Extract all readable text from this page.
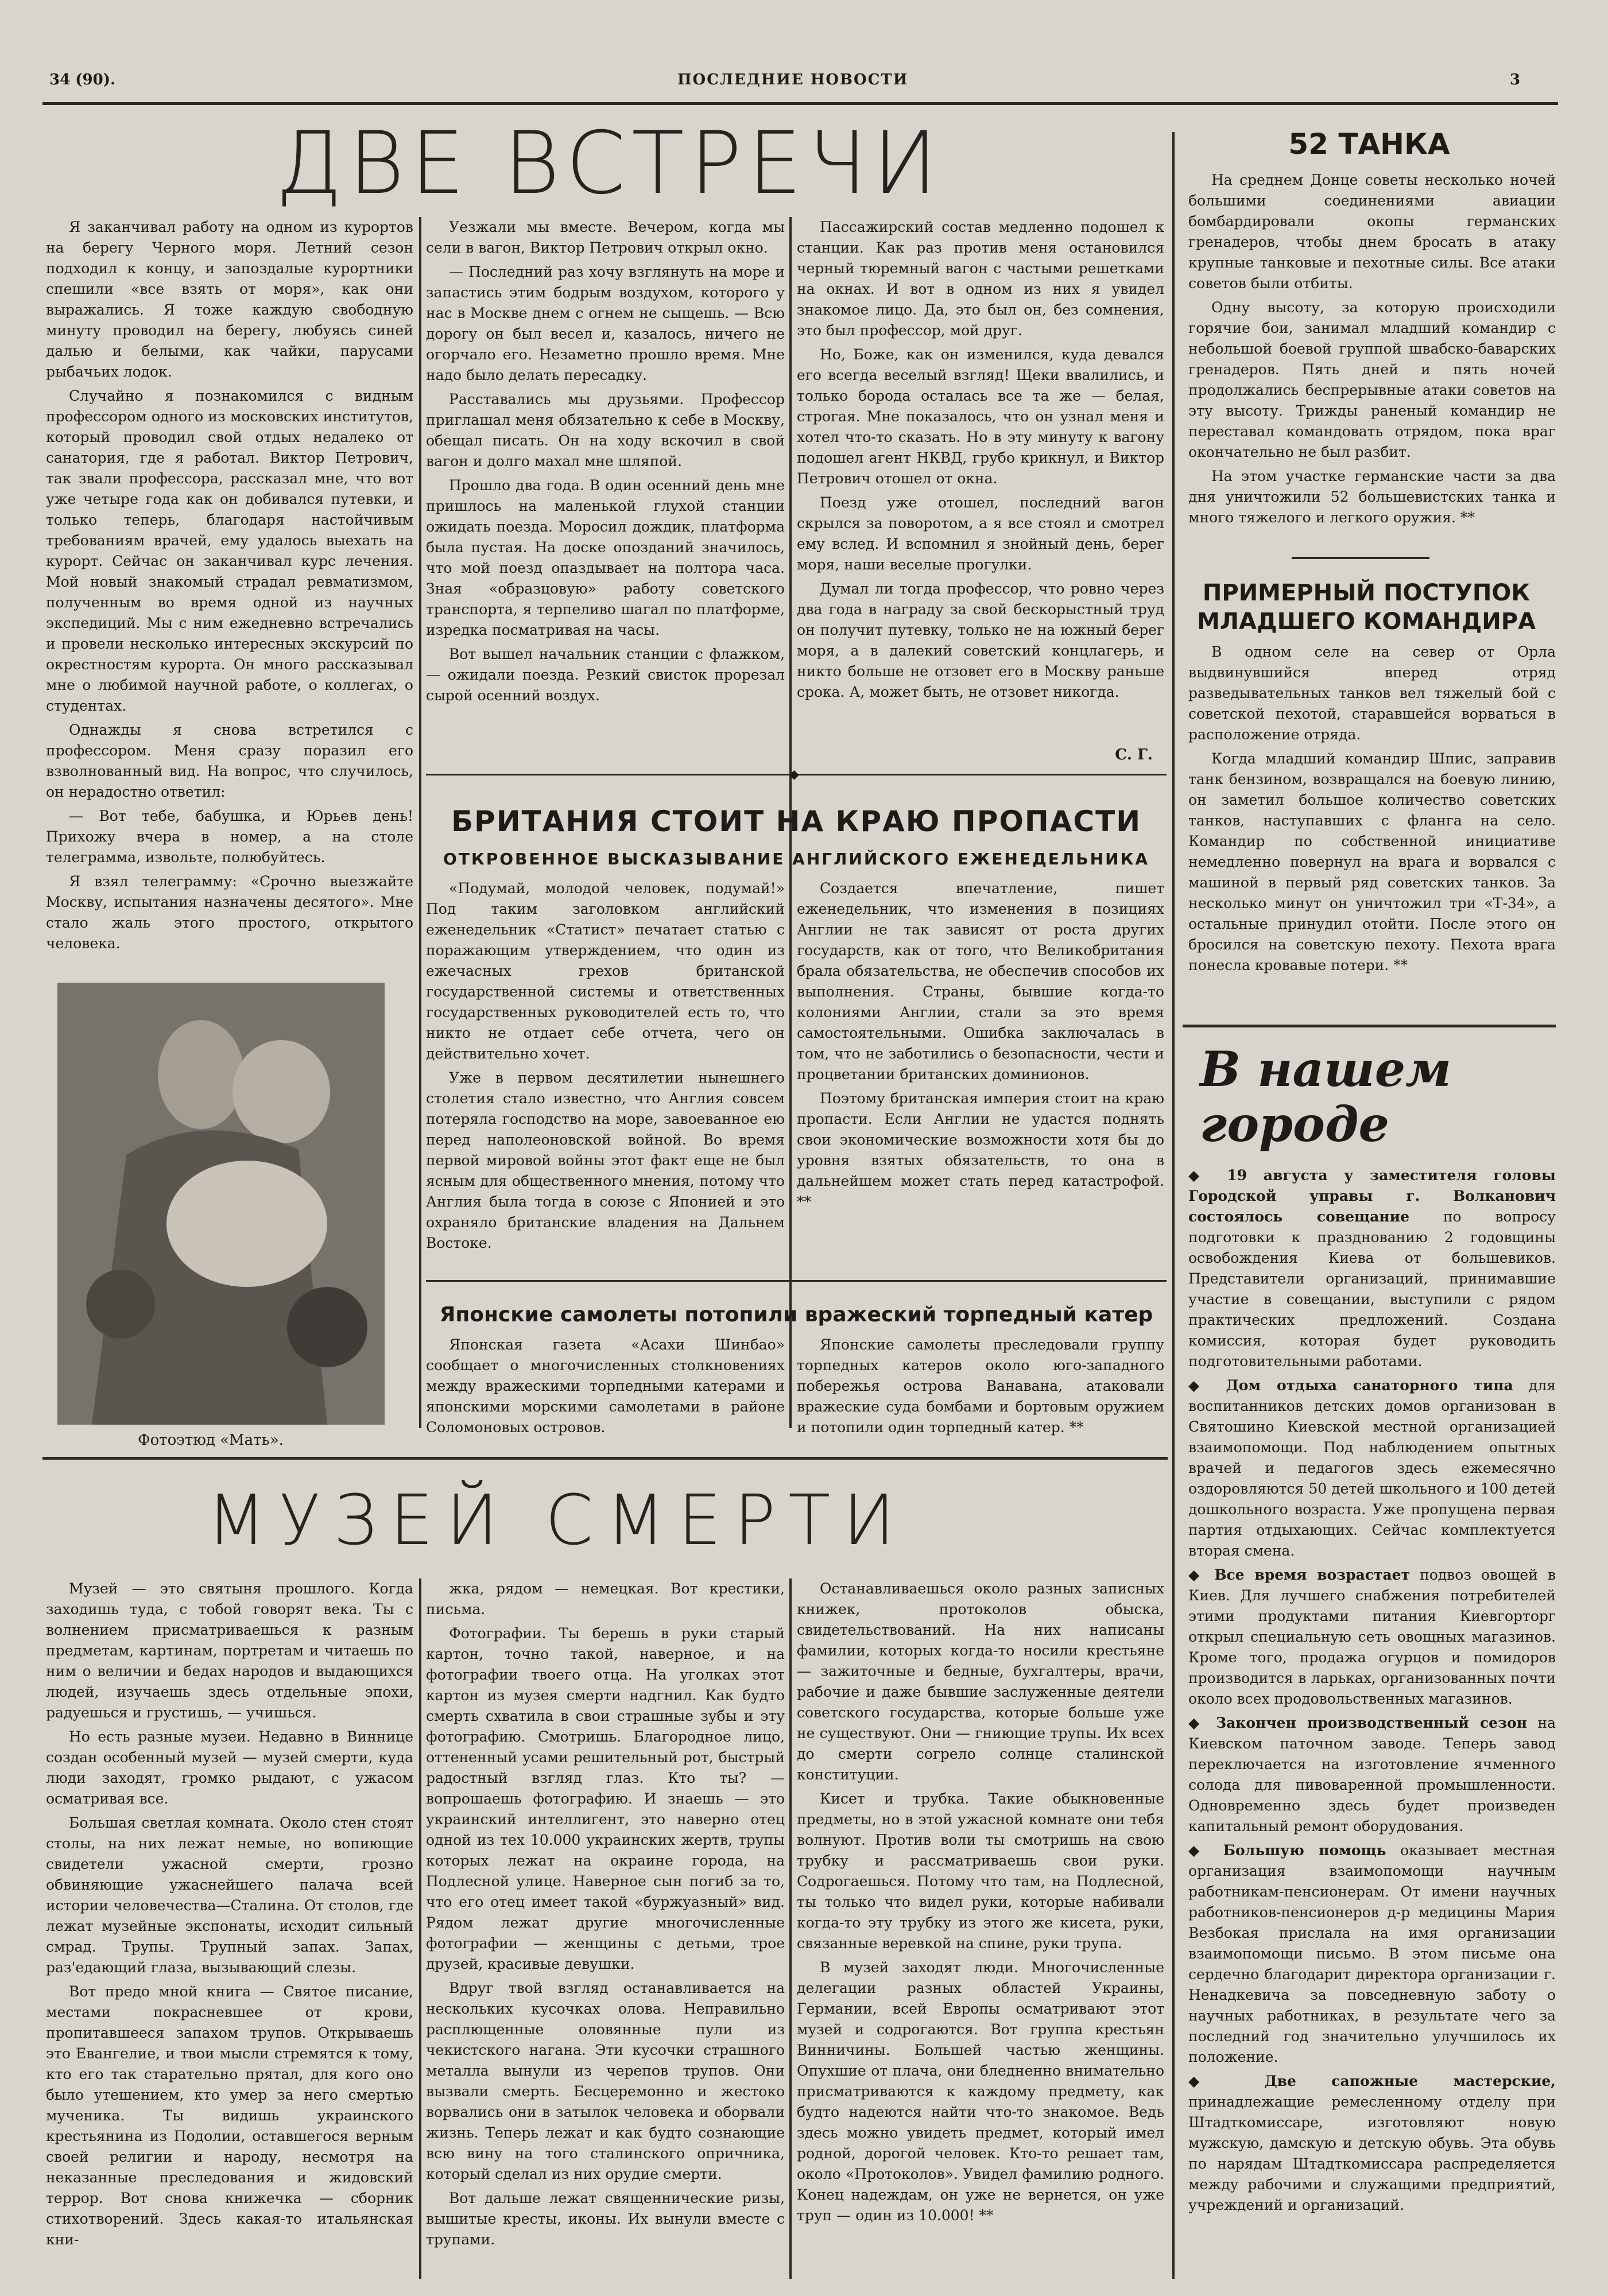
34 (90).	ПОСЛЕДНИЕ НОВОСТИ	3
ДВЕ ВСТРЕЧИ

Я заканчивал работу на одном из курортов на берегу Черного моря. Летний сезон подходил к концу, и запоздалые курортники спешили «все взять от моря», как они выражались. Я тоже каждую свободную минуту проводил на берегу, любуясь синей далью и белыми, как чайки, парусами рыбачьих лодок.

Случайно я познакомился с видным профессором одного из московских институтов, который проводил свой отдых недалеко от санатория, где я работал. Виктор Петрович, так звали профессора, рассказал мне, что вот уже четыре года как он добивался путевки, и только теперь, благодаря настойчивым требованиям врачей, ему удалось выехать на курорт. Сейчас он заканчивал курс лечения. Мой новый знакомый страдал ревматизмом, полученным во время одной из научных экспедиций. Мы с ним ежедневно встречались и провели несколько интересных экскурсий по окрестностям курорта. Он много рассказывал мне о любимой научной работе, о коллегах, о студентах.

Однажды я снова встретился с профессором. Меня сразу поразил его взволнованный вид. На вопрос, что случилось, он нерадостно ответил:

— Вот тебе, бабушка, и Юрьев день! Прихожу вчера в номер, а на столе телеграмма, извольте, полюбуйтесь.

Я взял телеграмму: «Срочно выезжайте Москву, испытания назначены десятого». Мне стало жаль этого простого, открытого человека.

Уезжали мы вместе. Вечером, когда мы сели в вагон, Виктор Петрович открыл окно.

— Последний раз хочу взглянуть на море и запастись этим бодрым воздухом, которого у нас в Москве днем с огнем не сыщешь. — Всю дорогу он был весел и, казалось, ничего не огорчало его. Незаметно прошло время. Мне надо было делать пересадку.

Расставались мы друзьями. Профессор приглашал меня обязательно к себе в Москву, обещал писать. Он на ходу вскочил в свой вагон и долго махал мне шляпой.

Прошло два года. В один осенний день мне пришлось на маленькой глухой станции ожидать поезда. Моросил дождик, платформа была пустая. На доске опозданий значилось, что мой поезд опаздывает на полтора часа. Зная «образцовую» работу советского транспорта, я терпеливо шагал по платформе, изредка посматривая на часы.

Вот вышел начальник станции с флажком, — ожидали поезда. Резкий свисток прорезал сырой осенний воздух.

Пассажирский состав медленно подошел к станции. Как раз против меня остановился черный тюремный вагон с частыми решетками на окнах. И вот в одном из них я увидел знакомое лицо. Да, это был он, без сомнения, это был профессор, мой друг.

Но, Боже, как он изменился, куда девался его всегда веселый взгляд! Щеки ввалились, и только борода осталась все та же — белая, строгая. Мне показалось, что он узнал меня и хотел что-то сказать. Но в эту минуту к вагону подошел агент НКВД, грубо крикнул, и Виктор Петрович отошел от окна.

Поезд уже отошел, последний вагон скрылся за поворотом, а я все стоял и смотрел ему вслед. И вспомнил я знойный день, берег моря, наши веселые прогулки.

Думал ли тогда профессор, что ровно через два года в награду за свой бескорыстный труд он получит путевку, только не на южный берег моря, а в далекий советский концлагерь, и никто больше не отзовет его в Москву раньше срока. А, может быть, не отзовет никогда.

С. Г.
◆
БРИТАНИЯ СТОИТ НА КРАЮ ПРОПАСТИ
ОТКРОВЕННОЕ ВЫСКАЗЫВАНИЕ АНГЛИЙСКОГО ЕЖЕНЕДЕЛЬНИКА

«Подумай, молодой человек, подумай!» Под таким заголовком английский еженедельник «Статист» печатает статью с поражающим утверждением, что один из ежечасных грехов британской государственной системы и ответственных государственных руководителей есть то, что никто не отдает себе отчета, чего он действительно хочет.

Уже в первом десятилетии нынешнего столетия стало известно, что Англия совсем потеряла господство на море, завоеванное ею перед наполеоновской войной. Во время первой мировой войны этот факт еще не был ясным для общественного мнения, потому что Англия была тогда в союзе с Японией и это охраняло британские владения на Дальнем Востоке.

Создается впечатление, пишет еженедельник, что изменения в позициях Англии не так зависят от роста других государств, как от того, что Великобритания брала обязательства, не обеспечив способов их выполнения. Страны, бывшие когда-то колониями Англии, стали за это время самостоятельными. Ошибка заключалась в том, что не заботились о безопасности, чести и процветании британских доминионов.

Поэтому британская империя стоит на краю пропасти. Если Англии не удастся поднять свои экономические возможности хотя бы до уровня взятых обязательств, то она в дальнейшем может стать перед катастрофой. **

Японские самолеты потопили вражеский торпедный катер

Японская газета «Асахи Шинбао» сообщает о многочисленных столкновениях между вражескими торпедными катерами и японскими морскими самолетами в районе Соломоновых островов.

Японские самолеты преследовали группу торпедных катеров около юго-западного побережья острова Ванавана, атаковали вражеские суда бомбами и бортовым оружием и потопили один торпедный катер. **

Фотоэтюд «Мать».
52 ТАНКА

На среднем Донце советы несколько ночей большими соединениями авиации бомбардировали окопы германских гренадеров, чтобы днем бросать в атаку крупные танковые и пехотные силы. Все атаки советов были отбиты.

Одну высоту, за которую происходили горячие бои, занимал младший командир с небольшой боевой группой швабско-баварских гренадеров. Пять дней и пять ночей продолжались беспрерывные атаки советов на эту высоту. Трижды раненый командир не переставал командовать отрядом, пока враг окончательно не был разбит.

На этом участке германские части за два дня уничтожили 52 большевистских танка и много тяжелого и легкого оружия. **

ПРИМЕРНЫЙ ПОСТУПОК МЛАДШЕГО КОМАНДИРА

В одном селе на север от Орла выдвинувшийся вперед отряд разведывательных танков вел тяжелый бой с советской пехотой, старавшейся ворваться в расположение отряда.

Когда младший командир Шпис, заправив танк бензином, возвращался на боевую линию, он заметил большое количество советских танков, наступавших с фланга на село. Командир по собственной инициативе немедленно повернул на врага и ворвался с машиной в первый ряд советских танков. За несколько минут он уничтожил три «Т-34», а остальные принудил отойти. После этого он бросился на советскую пехоту. Пехота врага понесла кровавые потери. **

В нашем городе

◆ 19 августа у заместителя головы Городской управы г. Волканович состоялось совещание по вопросу подготовки к празднованию 2 годовщины освобождения Киева от большевиков. Представители организаций, принимавшие участие в совещании, выступили с рядом практических предложений. Создана комиссия, которая будет руководить подготовительными работами.

◆ Дом отдыха санаторного типа для воспитанников детских домов организован в Святошино Киевской местной организацией взаимопомощи. Под наблюдением опытных врачей и педагогов здесь ежемесячно оздоровляются 50 детей школьного и 100 детей дошкольного возраста. Уже пропущена первая партия отдыхающих. Сейчас комплектуется вторая смена.

◆ Все время возрастает подвоз овощей в Киев. Для лучшего снабжения потребителей этими продуктами питания Киевгорторг открыл специальную сеть овощных магазинов. Кроме того, продажа огурцов и помидоров производится в ларьках, организованных почти около всех продовольственных магазинов.

◆ Закончен производственный сезон на Киевском паточном заводе. Теперь завод переключается на изготовление ячменного солода для пивоваренной промышленности. Одновременно здесь будет произведен капитальный ремонт оборудования.

◆ Большую помощь оказывает местная организация взаимопомощи научным работникам-пенсионерам. От имени научных работников-пенсионеров д-р медицины Мария Везбокая прислала на имя организации взаимопомощи письмо. В этом письме она сердечно благодарит директора организации г. Ненадкевича за повседневную заботу о научных работниках, в результате чего за последний год значительно улучшилось их положение.

◆ Две сапожные мастерские, принадлежащие ремесленному отделу при Штадткомиссаре, изготовляют новую мужскую, дамскую и детскую обувь. Эта обувь по нарядам Штадткомиссара распределяется между рабочими и служащими предприятий, учреждений и организаций.

МУЗЕЙ СМЕРТИ

Музей — это святыня прошлого. Когда заходишь туда, с тобой говорят века. Ты с волнением присматриваешься к разным предметам, картинам, портретам и читаешь по ним о величии и бедах народов и выдающихся людей, изучаешь здесь отдельные эпохи, радуешься и грустишь, — учишься.

Но есть разные музеи. Недавно в Виннице создан особенный музей — музей смерти, куда люди заходят, громко рыдают, с ужасом осматривая все.

Большая светлая комната. Около стен стоят столы, на них лежат немые, но вопиющие свидетели ужасной смерти, грозно обвиняющие ужаснейшего палача всей истории человечества—Сталина. От столов, где лежат музейные экспонаты, исходит сильный смрад. Трупы. Трупный запах. Запах, раз'едающий глаза, вызывающий слезы.

Вот предо мной книга — Святое писание, местами покрасневшее от крови, пропитавшееся запахом трупов. Открываешь это Евангелие, и твои мысли стремятся к тому, кто его так старательно прятал, для кого оно было утешением, кто умер за него смертью мученика. Ты видишь украинского крестьянина из Подолии, оставшегося верным своей религии и народу, несмотря на неказанные преследования и жидовский террор. Вот снова книжечка — сборник стихотворений. Здесь какая-то итальянская кни-

жка, рядом — немецкая. Вот крестики, письма.

Фотографии. Ты берешь в руки старый картон, точно такой, наверное, и на фотографии твоего отца. На уголках этот картон из музея смерти надгнил. Как будто смерть схватила в свои страшные зубы и эту фотографию. Смотришь. Благородное лицо, оттененный усами решительный рот, быстрый радостный взгляд глаз. Кто ты? — вопрошаешь фотографию. И знаешь — это украинский интеллигент, это наверно отец одной из тех 10.000 украинских жертв, трупы которых лежат на окраине города, на Подлесной улице. Наверное сын погиб за то, что его отец имеет такой «буржуазный» вид. Рядом лежат другие многочисленные фотографии — женщины с детьми, трое друзей, красивые девушки.

Вдруг твой взгляд останавливается на нескольких кусочках олова. Неправильно расплющенные оловянные пули из чекистского нагана. Эти кусочки страшного металла вынули из черепов трупов. Они вызвали смерть. Бесцеремонно и жестоко ворвались они в затылок человека и оборвали жизнь. Теперь лежат и как будто сознающие всю вину на того сталинского опричника, который сделал из них орудие смерти.

Вот дальше лежат священнические ризы, вышитые кресты, иконы. Их вынули вместе с трупами.

Останавливаешься около разных записных книжек, протоколов обыска, свидетельствований. На них написаны фамилии, которых когда-то носили крестьяне — зажиточные и бедные, бухгалтеры, врачи, рабочие и даже бывшие заслуженные деятели советского государства, которые больше уже не существуют. Они — гниющие трупы. Их всех до смерти согрело солнце сталинской конституции.

Кисет и трубка. Такие обыкновенные предметы, но в этой ужасной комнате они тебя волнуют. Против воли ты смотришь на свою трубку и рассматриваешь свои руки. Содрогаешься. Потому что там, на Подлесной, ты только что видел руки, которые набивали когда-то эту трубку из этого же кисета, руки, связанные веревкой на спине, руки трупа.

В музей заходят люди. Многочисленные делегации разных областей Украины, Германии, всей Европы осматривают этот музей и содрогаются. Вот группа крестьян Винничины. Большей частью женщины. Опухшие от плача, они бледненно внимательно присматриваются к каждому предмету, как будто надеются найти что-то знакомое. Ведь здесь можно увидеть предмет, который имел родной, дорогой человек. Кто-то решает там, около «Протоколов». Увидел фамилию родного. Конец надеждам, он уже не вернется, он уже труп — один из 10.000! **
